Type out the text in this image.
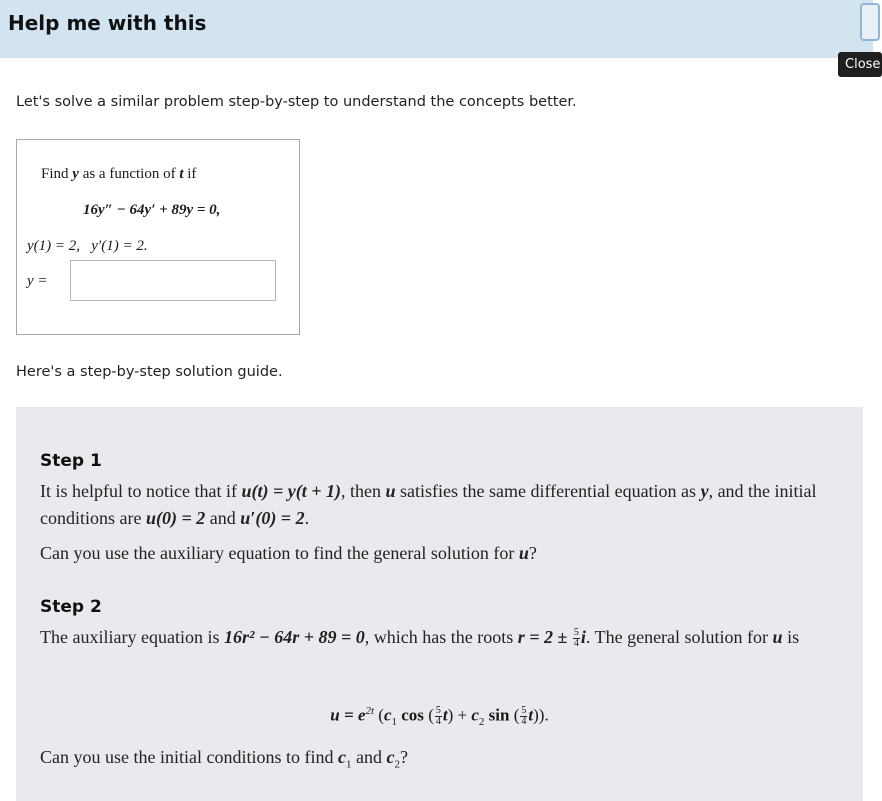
Help me with this
Close
Let's solve a similar problem step-by-step to understand the concepts better.
Find y as a function of t if
16y″ − 64y′ + 89y = 0,
y(1) = 2,   y′(1) = 2.
y =
Here's a step-by-step solution guide.
Step 1
It is helpful to notice that if u(t) = y(t + 1), then u satisfies the same differential equation as y, and the initial conditions are u(0) = 2 and u′(0) = 2.
Can you use the auxiliary equation to find the general solution for u?
Step 2
The auxiliary equation is 16r² − 64r + 89 = 0, which has the roots $r = 2 \pm \frac{5}{4} i$. The general solution for u is
$u = e^{2t}$ ($c_1$ cos ( $\frac{5}{4} t) + c_2$ sin ( $\frac{5}{4} t$)).
Can you use the initial conditions to find $c_1$ and $c_2$?
